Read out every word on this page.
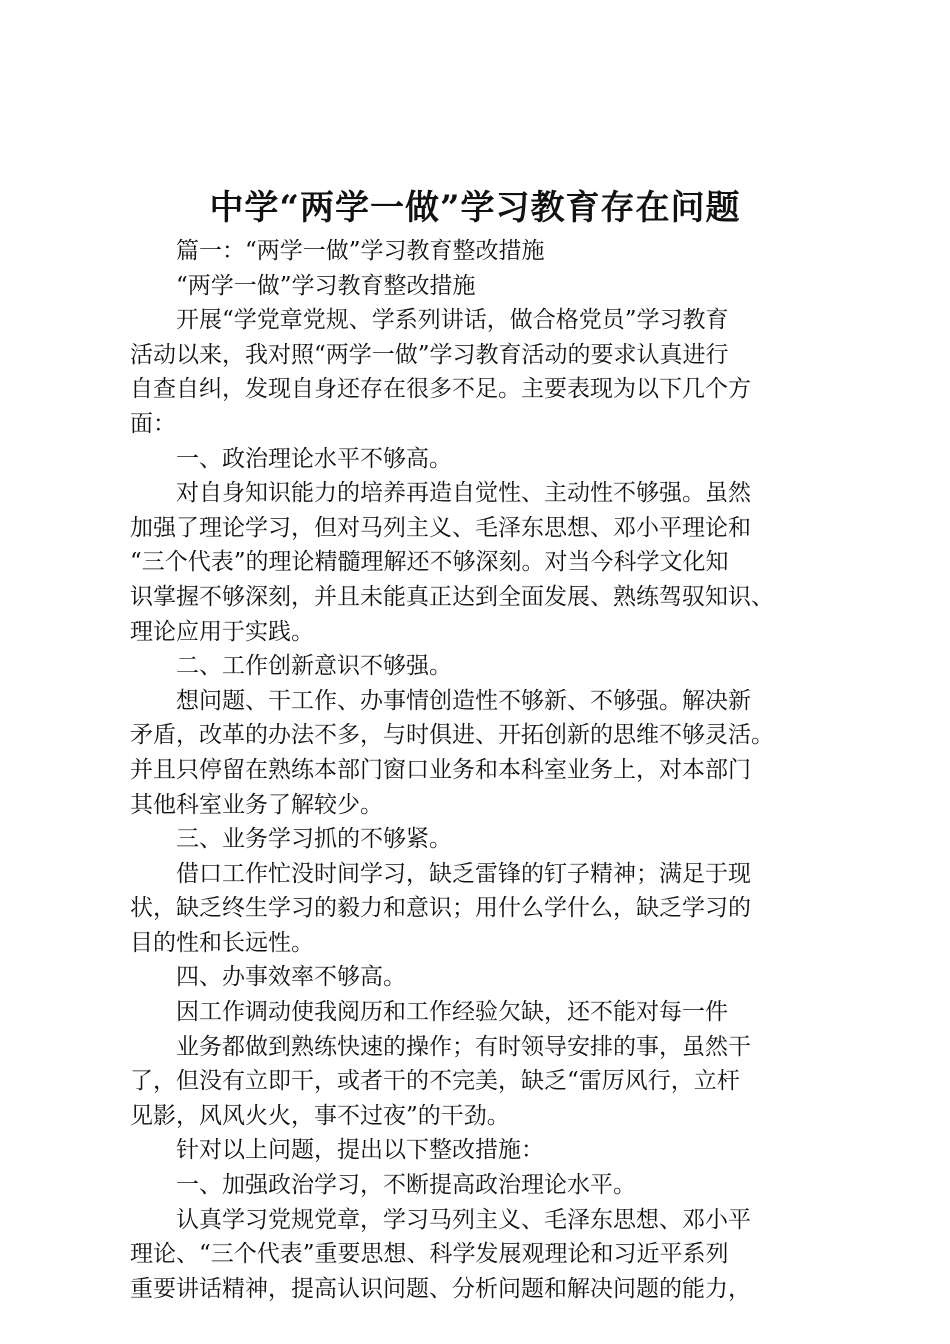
中学“两学一做”学习教育存在问题

篇一：“两学一做”学习教育整改措施

“两学一做”学习教育整改措施

开展“学党章党规、学系列讲话，做合格党员”学习教育

活动以来，我对照“两学一做”学习教育活动的要求认真进行

自查自纠，发现自身还存在很多不足。主要表现为以下几个方

面：

一、政治理论水平不够高。

对自身知识能力的培养再造自觉性、主动性不够强。虽然

加强了理论学习，但对马列主义、毛泽东思想、邓小平理论和

“三个代表”的理论精髓理解还不够深刻。对当今科学文化知

识掌握不够深刻，并且未能真正达到全面发展、熟练驾驭知识、

理论应用于实践。

二、工作创新意识不够强。

想问题、干工作、办事情创造性不够新、不够强。解决新

矛盾，改革的办法不多，与时俱进、开拓创新的思维不够灵活。

并且只停留在熟练本部门窗口业务和本科室业务上，对本部门

其他科室业务了解较少。

三、业务学习抓的不够紧。

借口工作忙没时间学习，缺乏雷锋的钉子精神；满足于现

状，缺乏终生学习的毅力和意识；用什么学什么，缺乏学习的

目的性和长远性。

四、办事效率不够高。

因工作调动使我阅历和工作经验欠缺，还不能对每一件

业务都做到熟练快速的操作；有时领导安排的事，虽然干

了，但没有立即干，或者干的不完美，缺乏“雷厉风行，立杆

见影，风风火火，事不过夜”的干劲。

针对以上问题，提出以下整改措施：

一、加强政治学习，不断提高政治理论水平。

认真学习党规党章，学习马列主义、毛泽东思想、邓小平

理论、“三个代表”重要思想、科学发展观理论和习近平系列

重要讲话精神，提高认识问题、分析问题和解决问题的能力，
